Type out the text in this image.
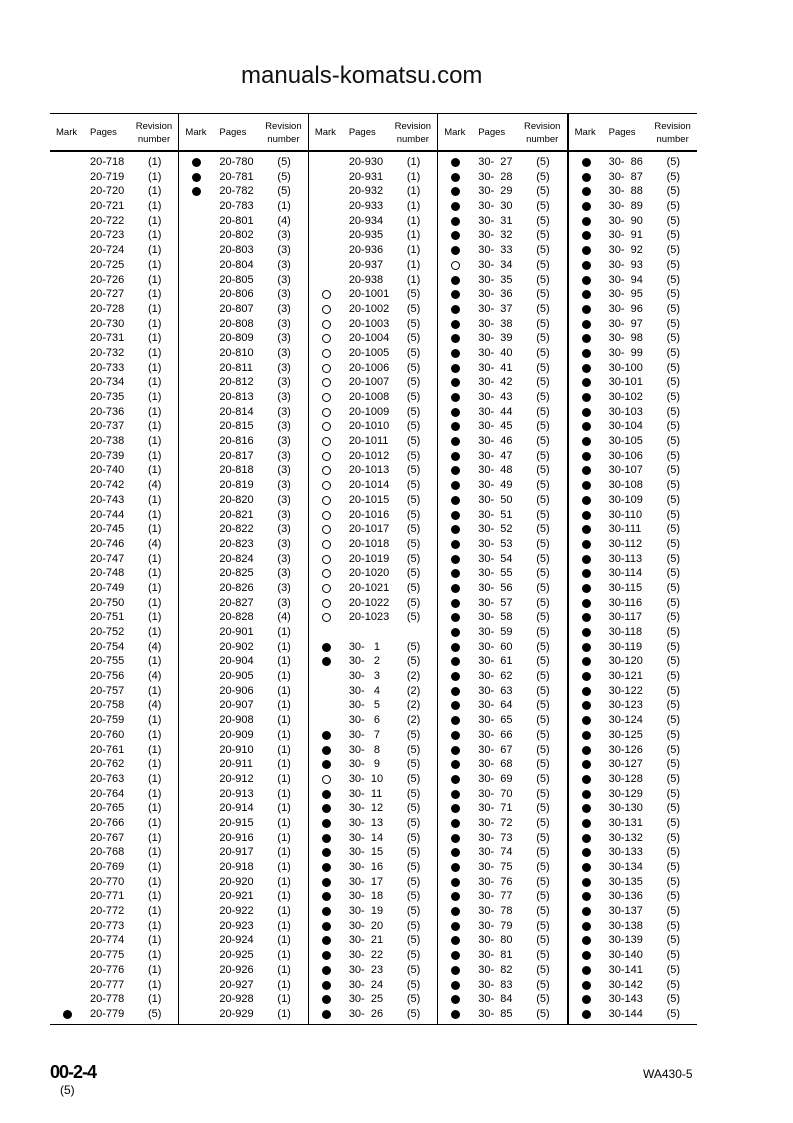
manuals-komatsu.com
Mark Pages
Revision
number
20-718 (1)
20-719 (1)
20-720 (1)
20-721 (1)
20-722 (1)
20-723 (1)
20-724 (1)
20-725 (1)
20-726 (1)
20-727 (1)
20-728 (1)
20-730 (1)
20-731 (1)
20-732 (1)
20-733 (1)
20-734 (1)
20-735 (1)
20-736 (1)
20-737 (1)
20-738 (1)
20-739 (1)
20-740 (1)
20-742 (4)
20-743 (1)
20-744 (1)
20-745 (1)
20-746 (4)
20-747 (1)
20-748 (1)
20-749 (1)
20-750 (1)
20-751 (1)
20-752 (1)
20-754 (4)
20-755 (1)
20-756 (4)
20-757 (1)
20-758 (4)
20-759 (1)
20-760 (1)
20-761 (1)
20-762 (1)
20-763 (1)
20-764 (1)
20-765 (1)
20-766 (1)
20-767 (1)
20-768 (1)
20-769 (1)
20-770 (1)
20-771 (1)
20-772 (1)
20-773 (1)
20-774 (1)
20-775 (1)
20-776 (1)
20-777 (1)
20-778 (1)
20-779 (5)
Mark Pages
Revision
number
20-780 (5)
20-781 (5)
20-782 (5)
20-783 (1)
20-801 (4)
20-802 (3)
20-803 (3)
20-804 (3)
20-805 (3)
20-806 (3)
20-807 (3)
20-808 (3)
20-809 (3)
20-810 (3)
20-811 (3)
20-812 (3)
20-813 (3)
20-814 (3)
20-815 (3)
20-816 (3)
20-817 (3)
20-818 (3)
20-819 (3)
20-820 (3)
20-821 (3)
20-822 (3)
20-823 (3)
20-824 (3)
20-825 (3)
20-826 (3)
20-827 (3)
20-828 (4)
20-901 (1)
20-902 (1)
20-904 (1)
20-905 (1)
20-906 (1)
20-907 (1)
20-908 (1)
20-909 (1)
20-910 (1)
20-911 (1)
20-912 (1)
20-913 (1)
20-914 (1)
20-915 (1)
20-916 (1)
20-917 (1)
20-918 (1)
20-920 (1)
20-921 (1)
20-922 (1)
20-923 (1)
20-924 (1)
20-925 (1)
20-926 (1)
20-927 (1)
20-928 (1)
20-929 (1)
Mark Pages
Revision
number
20-930 (1)
20-931 (1)
20-932 (1)
20-933 (1)
20-934 (1)
20-935 (1)
20-936 (1)
20-937 (1)
20-938 (1)
20-1001 (5)
20-1002 (5)
20-1003 (5)
20-1004 (5)
20-1005 (5)
20-1006 (5)
20-1007 (5)
20-1008 (5)
20-1009 (5)
20-1010 (5)
20-1011 (5)
20-1012 (5)
20-1013 (5)
20-1014 (5)
20-1015 (5)
20-1016 (5)
20-1017 (5)
20-1018 (5)
20-1019 (5)
20-1020 (5)
20-1021 (5)
20-1022 (5)
20-1023 (5)
30-   1 (5)
30-   2 (5)
30-   3 (2)
30-   4 (2)
30-   5 (2)
30-   6 (2)
30-   7 (5)
30-   8 (5)
30-   9 (5)
30-  10 (5)
30-  11 (5)
30-  12 (5)
30-  13 (5)
30-  14 (5)
30-  15 (5)
30-  16 (5)
30-  17 (5)
30-  18 (5)
30-  19 (5)
30-  20 (5)
30-  21 (5)
30-  22 (5)
30-  23 (5)
30-  24 (5)
30-  25 (5)
30-  26 (5)
Mark Pages
Revision
number
30-  27 (5)
30-  28 (5)
30-  29 (5)
30-  30 (5)
30-  31 (5)
30-  32 (5)
30-  33 (5)
30-  34 (5)
30-  35 (5)
30-  36 (5)
30-  37 (5)
30-  38 (5)
30-  39 (5)
30-  40 (5)
30-  41 (5)
30-  42 (5)
30-  43 (5)
30-  44 (5)
30-  45 (5)
30-  46 (5)
30-  47 (5)
30-  48 (5)
30-  49 (5)
30-  50 (5)
30-  51 (5)
30-  52 (5)
30-  53 (5)
30-  54 (5)
30-  55 (5)
30-  56 (5)
30-  57 (5)
30-  58 (5)
30-  59 (5)
30-  60 (5)
30-  61 (5)
30-  62 (5)
30-  63 (5)
30-  64 (5)
30-  65 (5)
30-  66 (5)
30-  67 (5)
30-  68 (5)
30-  69 (5)
30-  70 (5)
30-  71 (5)
30-  72 (5)
30-  73 (5)
30-  74 (5)
30-  75 (5)
30-  76 (5)
30-  77 (5)
30-  78 (5)
30-  79 (5)
30-  80 (5)
30-  81 (5)
30-  82 (5)
30-  83 (5)
30-  84 (5)
30-  85 (5)
Mark Pages
Revision
number
30-  86 (5)
30-  87 (5)
30-  88 (5)
30-  89 (5)
30-  90 (5)
30-  91 (5)
30-  92 (5)
30-  93 (5)
30-  94 (5)
30-  95 (5)
30-  96 (5)
30-  97 (5)
30-  98 (5)
30-  99 (5)
30-100 (5)
30-101 (5)
30-102 (5)
30-103 (5)
30-104 (5)
30-105 (5)
30-106 (5)
30-107 (5)
30-108 (5)
30-109 (5)
30-110 (5)
30-111 (5)
30-112 (5)
30-113 (5)
30-114 (5)
30-115 (5)
30-116 (5)
30-117 (5)
30-118 (5)
30-119 (5)
30-120 (5)
30-121 (5)
30-122 (5)
30-123 (5)
30-124 (5)
30-125 (5)
30-126 (5)
30-127 (5)
30-128 (5)
30-129 (5)
30-130 (5)
30-131 (5)
30-132 (5)
30-133 (5)
30-134 (5)
30-135 (5)
30-136 (5)
30-137 (5)
30-138 (5)
30-139 (5)
30-140 (5)
30-141 (5)
30-142 (5)
30-143 (5)
30-144 (5)
00-2-4
(5)
WA430-5
